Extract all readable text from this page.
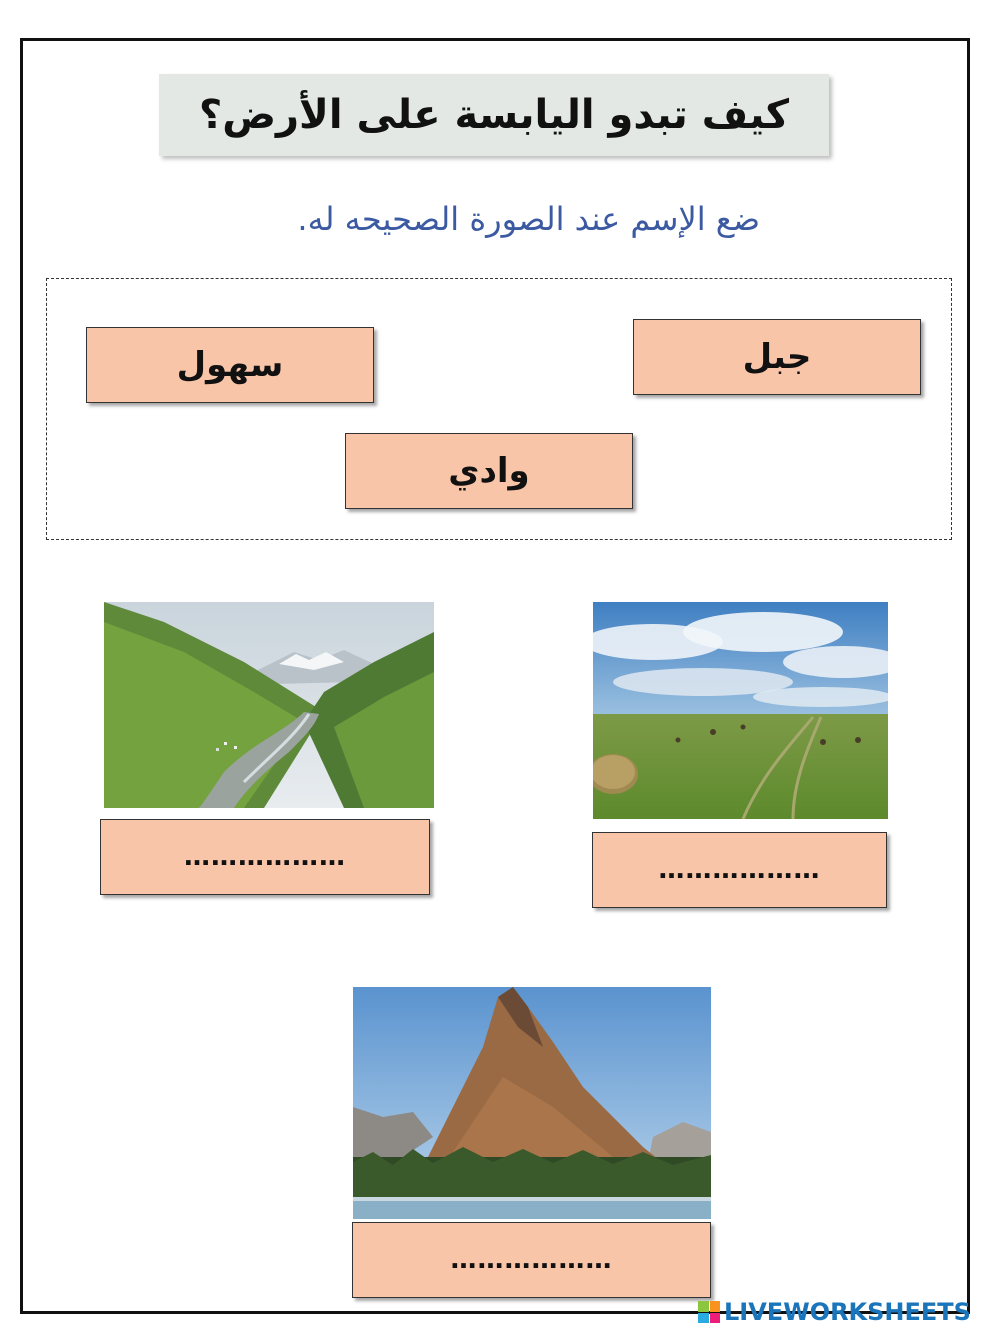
كيف تبدو اليابسة على الأرض؟
ضع الإسم عند الصورة الصحيحه له.
جبل
سهول
وادي
………………	………………
………………
LIVEWORKSHEETS
